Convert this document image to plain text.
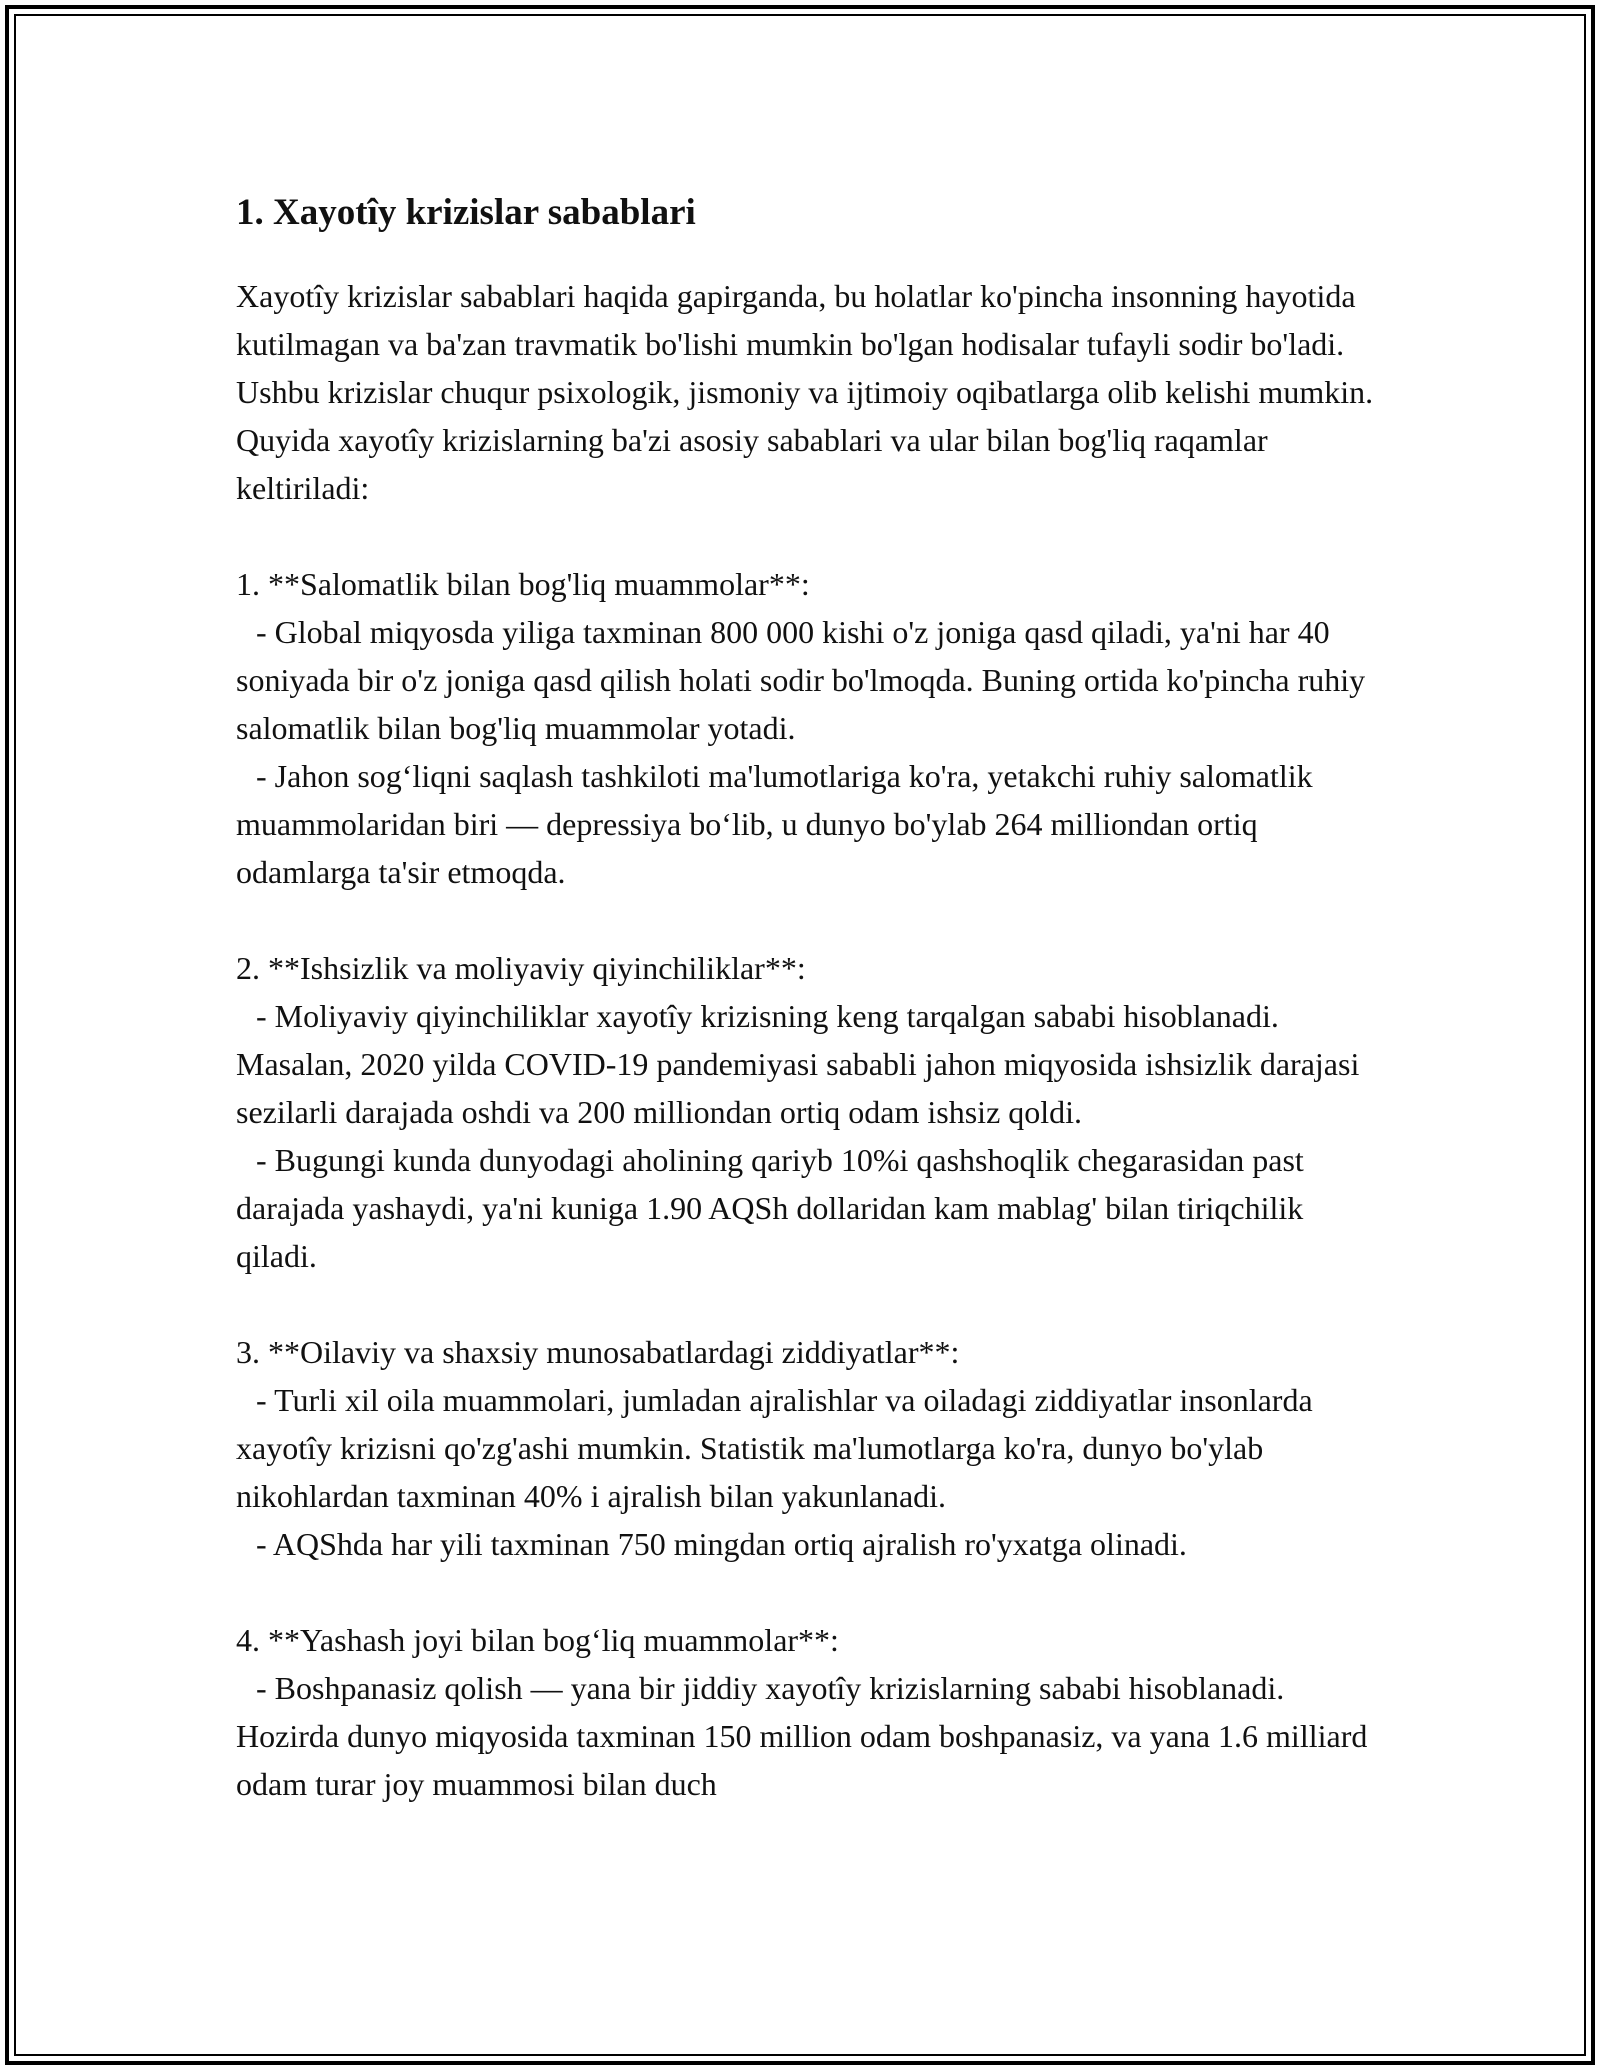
1. Xayotîy krizislar sabablari

Xayotîy krizislar sabablari haqida gapirganda, bu holatlar ko'pincha insonning hayotida kutilmagan va ba'zan travmatik bo'lishi mumkin bo'lgan hodisalar tufayli sodir bo'ladi. Ushbu krizislar chuqur psixologik, jismoniy va ijtimoiy oqibatlarga olib kelishi mumkin. Quyida xayotîy krizislarning ba'zi asosiy sabablari va ular bilan bog'liq raqamlar keltiriladi:

1. **Salomatlik bilan bog'liq muammolar**:

- Global miqyosda yiliga taxminan 800 000 kishi o'z joniga qasd qiladi, ya'ni har 40 soniyada bir o'z joniga qasd qilish holati sodir bo'lmoqda. Buning ortida ko'pincha ruhiy salomatlik bilan bog'liq muammolar yotadi.

- Jahon sog‘liqni saqlash tashkiloti ma'lumotlariga ko'ra, yetakchi ruhiy salomatlik muammolaridan biri — depressiya bo‘lib, u dunyo bo'ylab 264 milliondan ortiq odamlarga ta'sir etmoqda.

2. **Ishsizlik va moliyaviy qiyinchiliklar**:

- Moliyaviy qiyinchiliklar xayotîy krizisning keng tarqalgan sababi hisoblanadi. Masalan, 2020 yilda COVID-19 pandemiyasi sababli jahon miqyosida ishsizlik darajasi sezilarli darajada oshdi va 200 milliondan ortiq odam ishsiz qoldi.

- Bugungi kunda dunyodagi aholining qariyb 10%i qashshoqlik chegarasidan past darajada yashaydi, ya'ni kuniga 1.90 AQSh dollaridan kam mablag' bilan tiriqchilik qiladi.

3. **Oilaviy va shaxsiy munosabatlardagi ziddiyatlar**:

- Turli xil oila muammolari, jumladan ajralishlar va oiladagi ziddiyatlar insonlarda xayotîy krizisni qo'zg'ashi mumkin. Statistik ma'lumotlarga ko'ra, dunyo bo'ylab nikohlardan taxminan 40% i ajralish bilan yakunlanadi.

- AQShda har yili taxminan 750 mingdan ortiq ajralish ro'yxatga olinadi.

4. **Yashash joyi bilan bog‘liq muammolar**:

- Boshpanasiz qolish — yana bir jiddiy xayotîy krizislarning sababi hisoblanadi. Hozirda dunyo miqyosida taxminan 150 million odam boshpanasiz, va yana 1.6 milliard odam turar joy muammosi bilan duch
